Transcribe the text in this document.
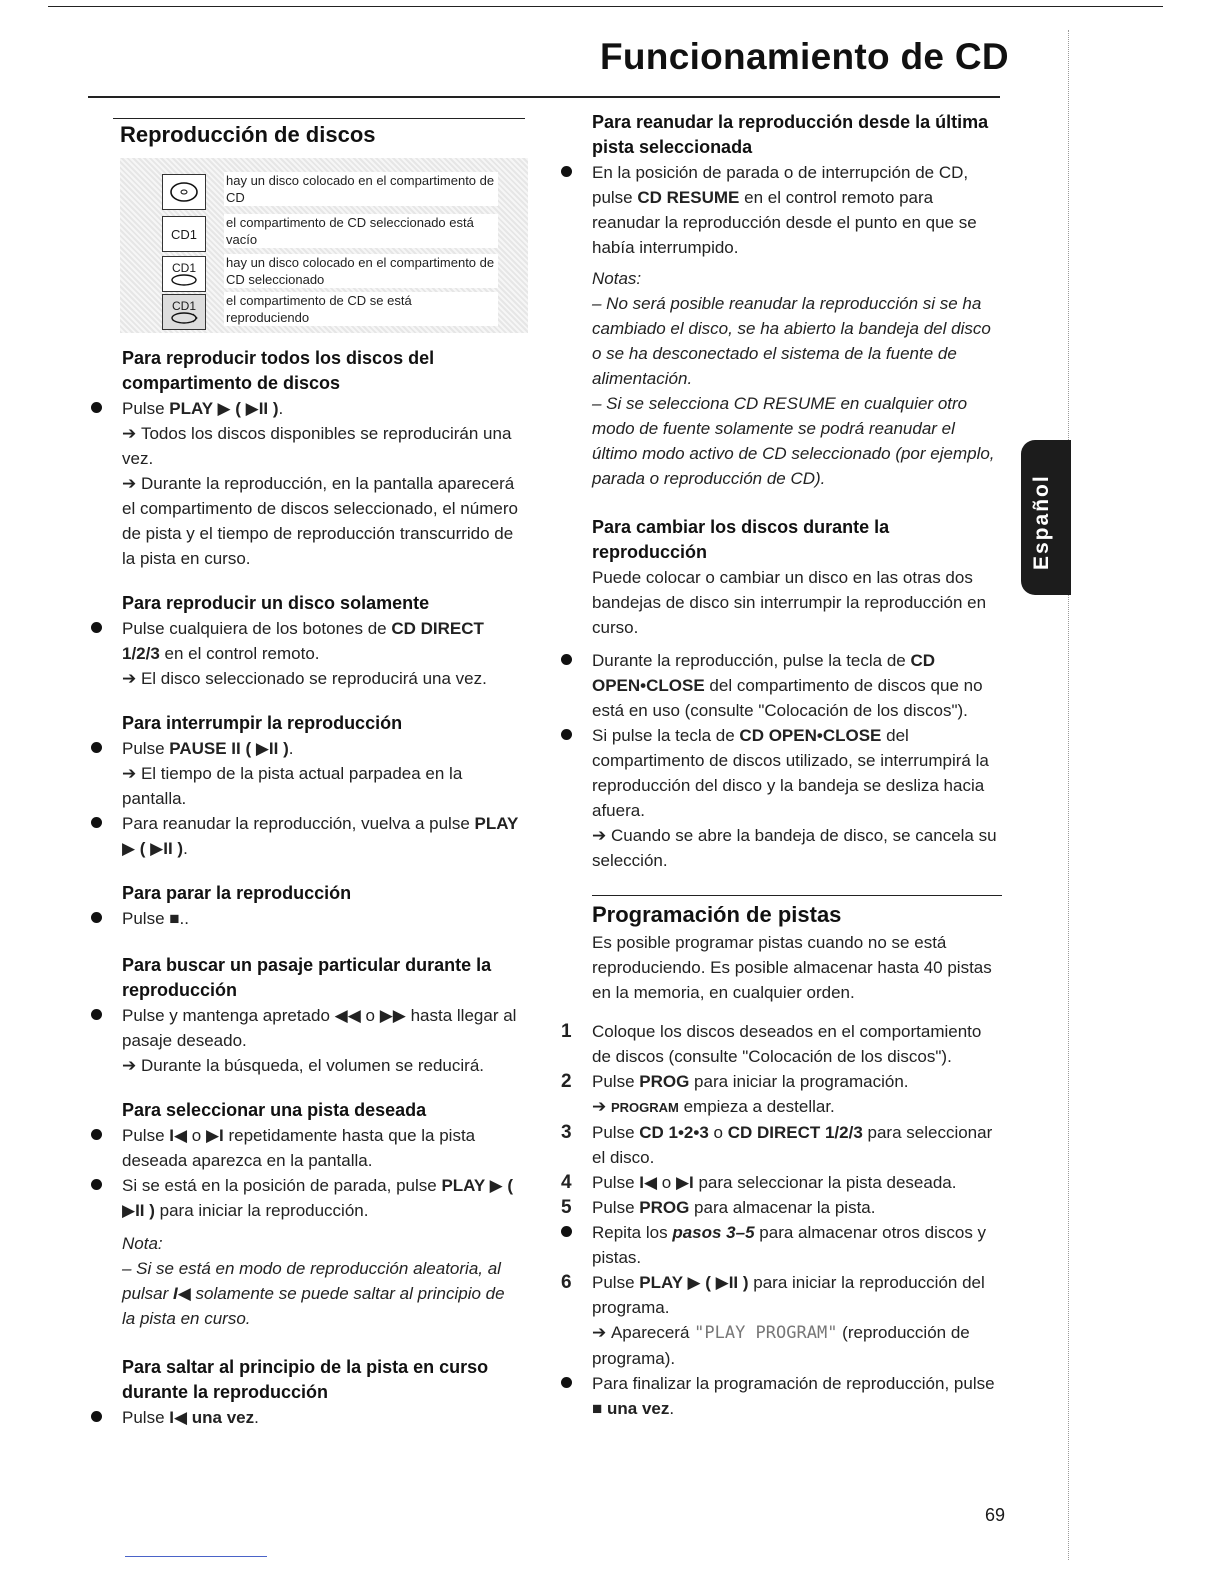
Funcionamiento de CD
Español
Reproducción de discos
hay un disco colocado en el compartimento de CD
CD1
el compartimento de CD seleccionado está vacío
CD1 hay un disco colocado en el compartimento de CD seleccionado
CD1 el compartimento de CD se está reproduciendo
Para reproducir todos los discos del compartimento de discos
Pulse PLAY ▶ ( ▶II ).
➔ Todos los discos disponibles se reproducirán una vez.
➔ Durante la reproducción, en la pantalla aparecerá el compartimento de discos seleccionado, el número de pista y el tiempo de reproducción transcurrido de la pista en curso.
Para reproducir un disco solamente
Pulse cualquiera de los botones de CD DIRECT 1/2/3 en el control remoto.
➔ El disco seleccionado se reproducirá una vez.
Para interrumpir la reproducción
Pulse PAUSE II ( ▶II ).
➔ El tiempo de la pista actual parpadea en la pantalla.
Para reanudar la reproducción, vuelva a pulse PLAY ▶ ( ▶II ).
Para parar la reproducción
Pulse ■..
Para buscar un pasaje particular durante la reproducción
Pulse y mantenga apretado ◀◀ o ▶▶ hasta llegar al pasaje deseado.
➔ Durante la búsqueda, el volumen se reducirá.
Para seleccionar una pista deseada
Pulse I◀ o ▶I repetidamente hasta que la pista deseada aparezca en la pantalla.
Si se está en la posición de parada, pulse PLAY ▶ ( ▶II ) para iniciar la reproducción.
Nota:
– Si se está en modo de reproducción aleatoria, al pulsar I◀ solamente se puede saltar al principio de la pista en curso.
Para saltar al principio de la pista en curso durante la reproducción
Pulse I◀ una vez.
Para reanudar la reproducción desde la última pista seleccionada
En la posición de parada o de interrupción de CD, pulse CD RESUME en el control remoto para reanudar la reproducción desde el punto en que se había interrumpido.
Notas:
– No será posible reanudar la reproducción si se ha cambiado el disco, se ha abierto la bandeja del disco o se ha desconectado el sistema de la fuente de alimentación.
– Si se selecciona CD RESUME en cualquier otro modo de fuente solamente se podrá reanudar el último modo activo de CD seleccionado (por ejemplo, parada o reproducción de CD).
Para cambiar los discos durante la reproducción
Puede colocar o cambiar un disco en las otras dos bandejas de disco sin interrumpir la reproducción en curso.
Durante la reproducción, pulse la tecla de CD OPEN•CLOSE del compartimento de discos que no está en uso (consulte "Colocación de los discos").
Si pulse la tecla de CD OPEN•CLOSE del compartimento de discos utilizado, se interrumpirá la reproducción del disco y la bandeja se desliza hacia afuera.
➔ Cuando se abre la bandeja de disco, se cancela su selección.
Programación de pistas
Es posible programar pistas cuando no se está reproduciendo. Es posible almacenar hasta 40 pistas en la memoria, en cualquier orden.
1 Coloque los discos deseados en el comportamiento de discos (consulte "Colocación de los discos").
2 Pulse PROG para iniciar la programación.
➔ PROGRAM empieza a destellar.
3 Pulse CD 1•2•3 o CD DIRECT 1/2/3 para seleccionar el disco.
4 Pulse I◀ o ▶I para seleccionar la pista deseada.
5 Pulse PROG para almacenar la pista.
Repita los pasos 3–5 para almacenar otros discos y pistas.
6 Pulse PLAY ▶ ( ▶II ) para iniciar la reproducción del programa.
➔ Aparecerá "PLAY PROGRAM" (reproducción de programa).
Para finalizar la programación de reproducción, pulse ■ una vez.
69
